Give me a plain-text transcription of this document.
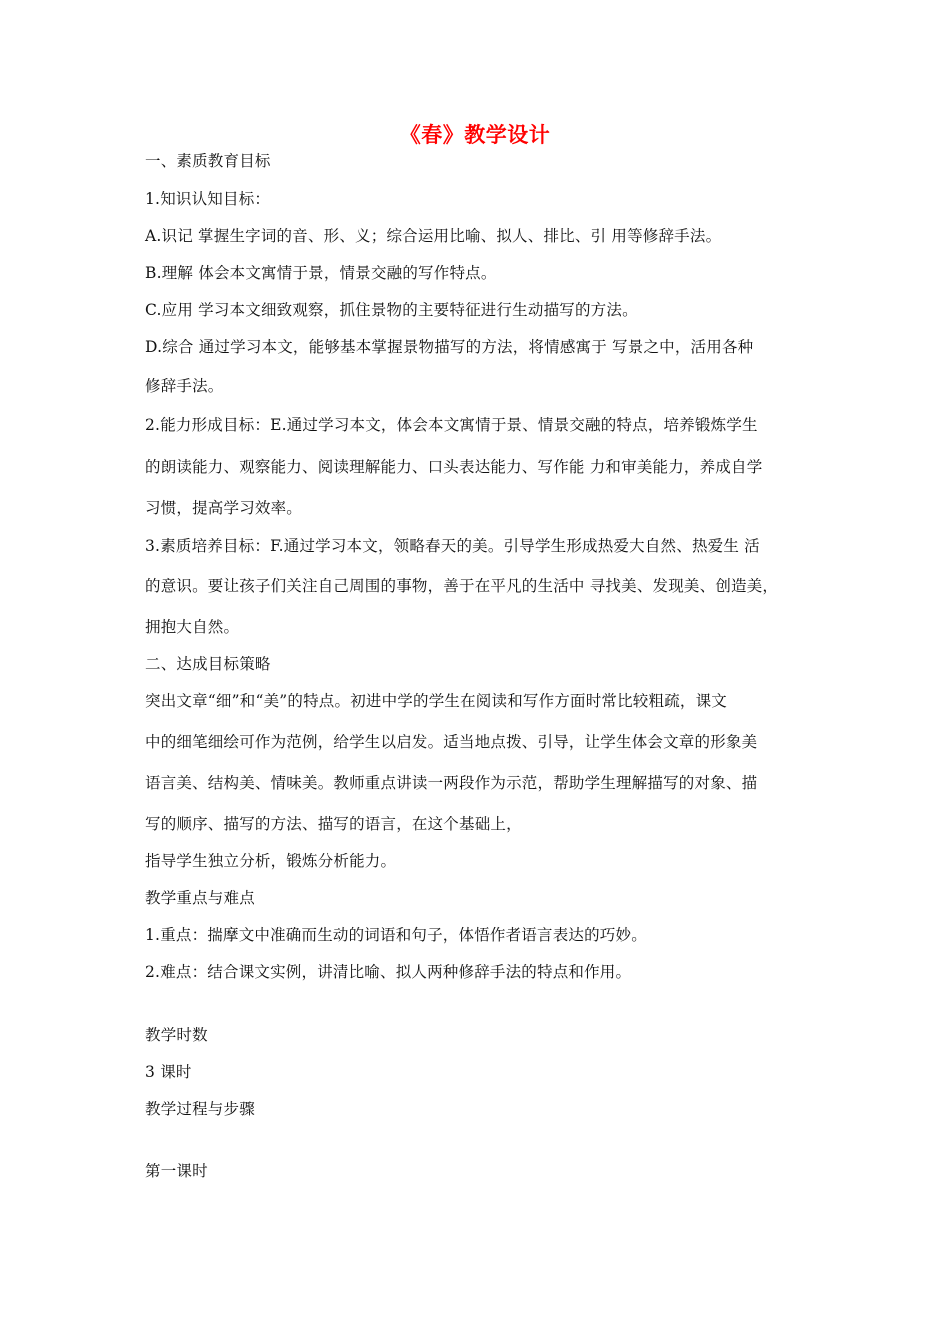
《春》教学设计
一、素质教育目标
1.知识认知目标：
A.识记 掌握生字词的音、形、义；综合运用比喻、拟人、排比、引 用等修辞手法。
B.理解 体会本文寓情于景，情景交融的写作特点。
C.应用 学习本文细致观察，抓住景物的主要特征进行生动描写的方法。
D.综合 通过学习本文，能够基本掌握景物描写的方法，将情感寓于 写景之中，活用各种
修辞手法。
2.能力形成目标：E.通过学习本文，体会本文寓情于景、情景交融的特点，培养锻炼学生
的朗读能力、观察能力、阅读理解能力、口头表达能力、写作能 力和审美能力，养成自学
习惯，提高学习效率。
3.素质培养目标：F.通过学习本文，领略春天的美。引导学生形成热爱大自然、热爱生 活
的意识。要让孩子们关注自己周围的事物，善于在平凡的生活中 寻找美、发现美、创造美，
拥抱大自然。
二、达成目标策略
突出文章“细”和“美”的特点。初进中学的学生在阅读和写作方面时常比较粗疏，课文
中的细笔细绘可作为范例，给学生以启发。适当地点拨、引导，让学生体会文章的形象美
语言美、结构美、情味美。教师重点讲读一两段作为示范，帮助学生理解描写的对象、描
写的顺序、描写的方法、描写的语言，在这个基础上，
指导学生独立分析，锻炼分析能力。
教学重点与难点
1.重点：揣摩文中准确而生动的词语和句子，体悟作者语言表达的巧妙。
2.难点：结合课文实例，讲清比喻、拟人两种修辞手法的特点和作用。
教学时数
3 课时
教学过程与步骤
第一课时
